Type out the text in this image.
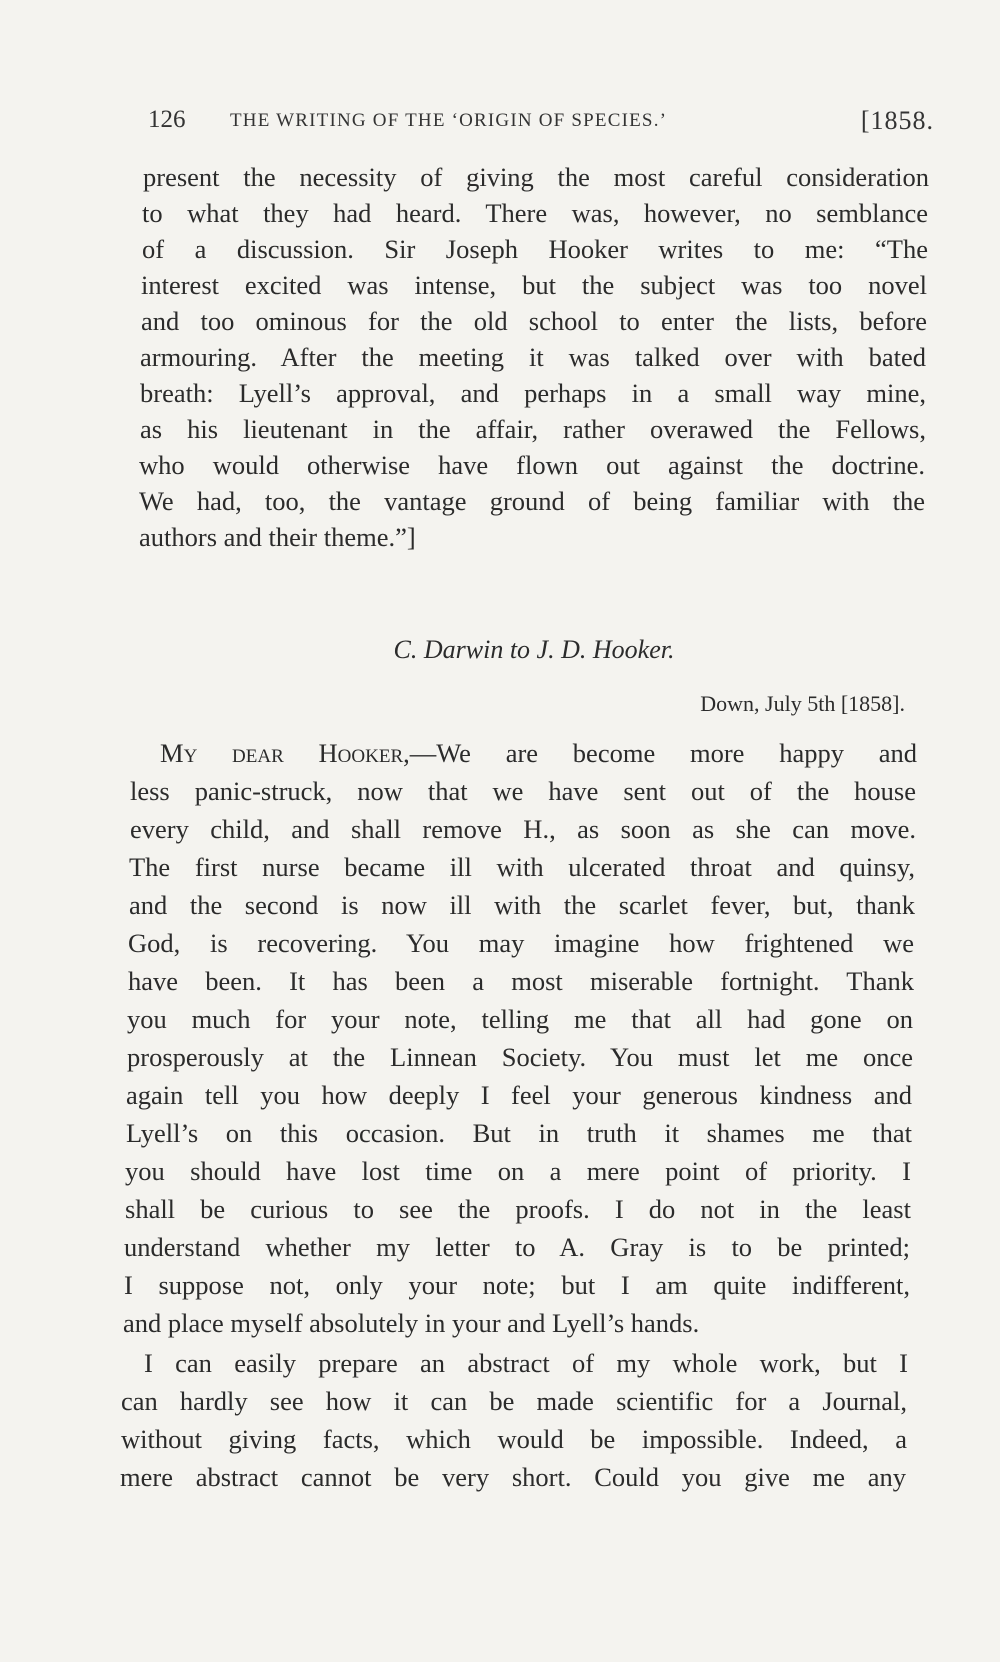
126 THE WRITING OF THE ‘ORIGIN OF SPECIES.’	[1858.
present the necessity of giving the most careful consideration
to what they had heard. There was, however, no semblance
of a discussion. Sir Joseph Hooker writes to me: “The
interest excited was intense, but the subject was too novel
and too ominous for the old school to enter the lists, before
armouring. After the meeting it was talked over with bated
breath: Lyell’s approval, and perhaps in a small way mine,
as his lieutenant in the affair, rather overawed the Fellows,
who would otherwise have flown out against the doctrine.
We had, too, the vantage ground of being familiar with the
authors and their theme.”]
C. Darwin to J. D. Hooker.
Down, July 5th [1858].
My dear Hooker,—We are become more happy and
less panic-struck, now that we have sent out of the house
every child, and shall remove H., as soon as she can move.
The first nurse became ill with ulcerated throat and quinsy,
and the second is now ill with the scarlet fever, but, thank
God, is recovering. You may imagine how frightened we
have been. It has been a most miserable fortnight. Thank
you much for your note, telling me that all had gone on
prosperously at the Linnean Society. You must let me once
again tell you how deeply I feel your generous kindness and
Lyell’s on this occasion. But in truth it shames me that
you should have lost time on a mere point of priority. I
shall be curious to see the proofs. I do not in the least
understand whether my letter to A. Gray is to be printed;
I suppose not, only your note; but I am quite indifferent,
and place myself absolutely in your and Lyell’s hands.
I can easily prepare an abstract of my whole work, but I
can hardly see how it can be made scientific for a Journal,
without giving facts, which would be impossible. Indeed, a
mere abstract cannot be very short. Could you give me any
